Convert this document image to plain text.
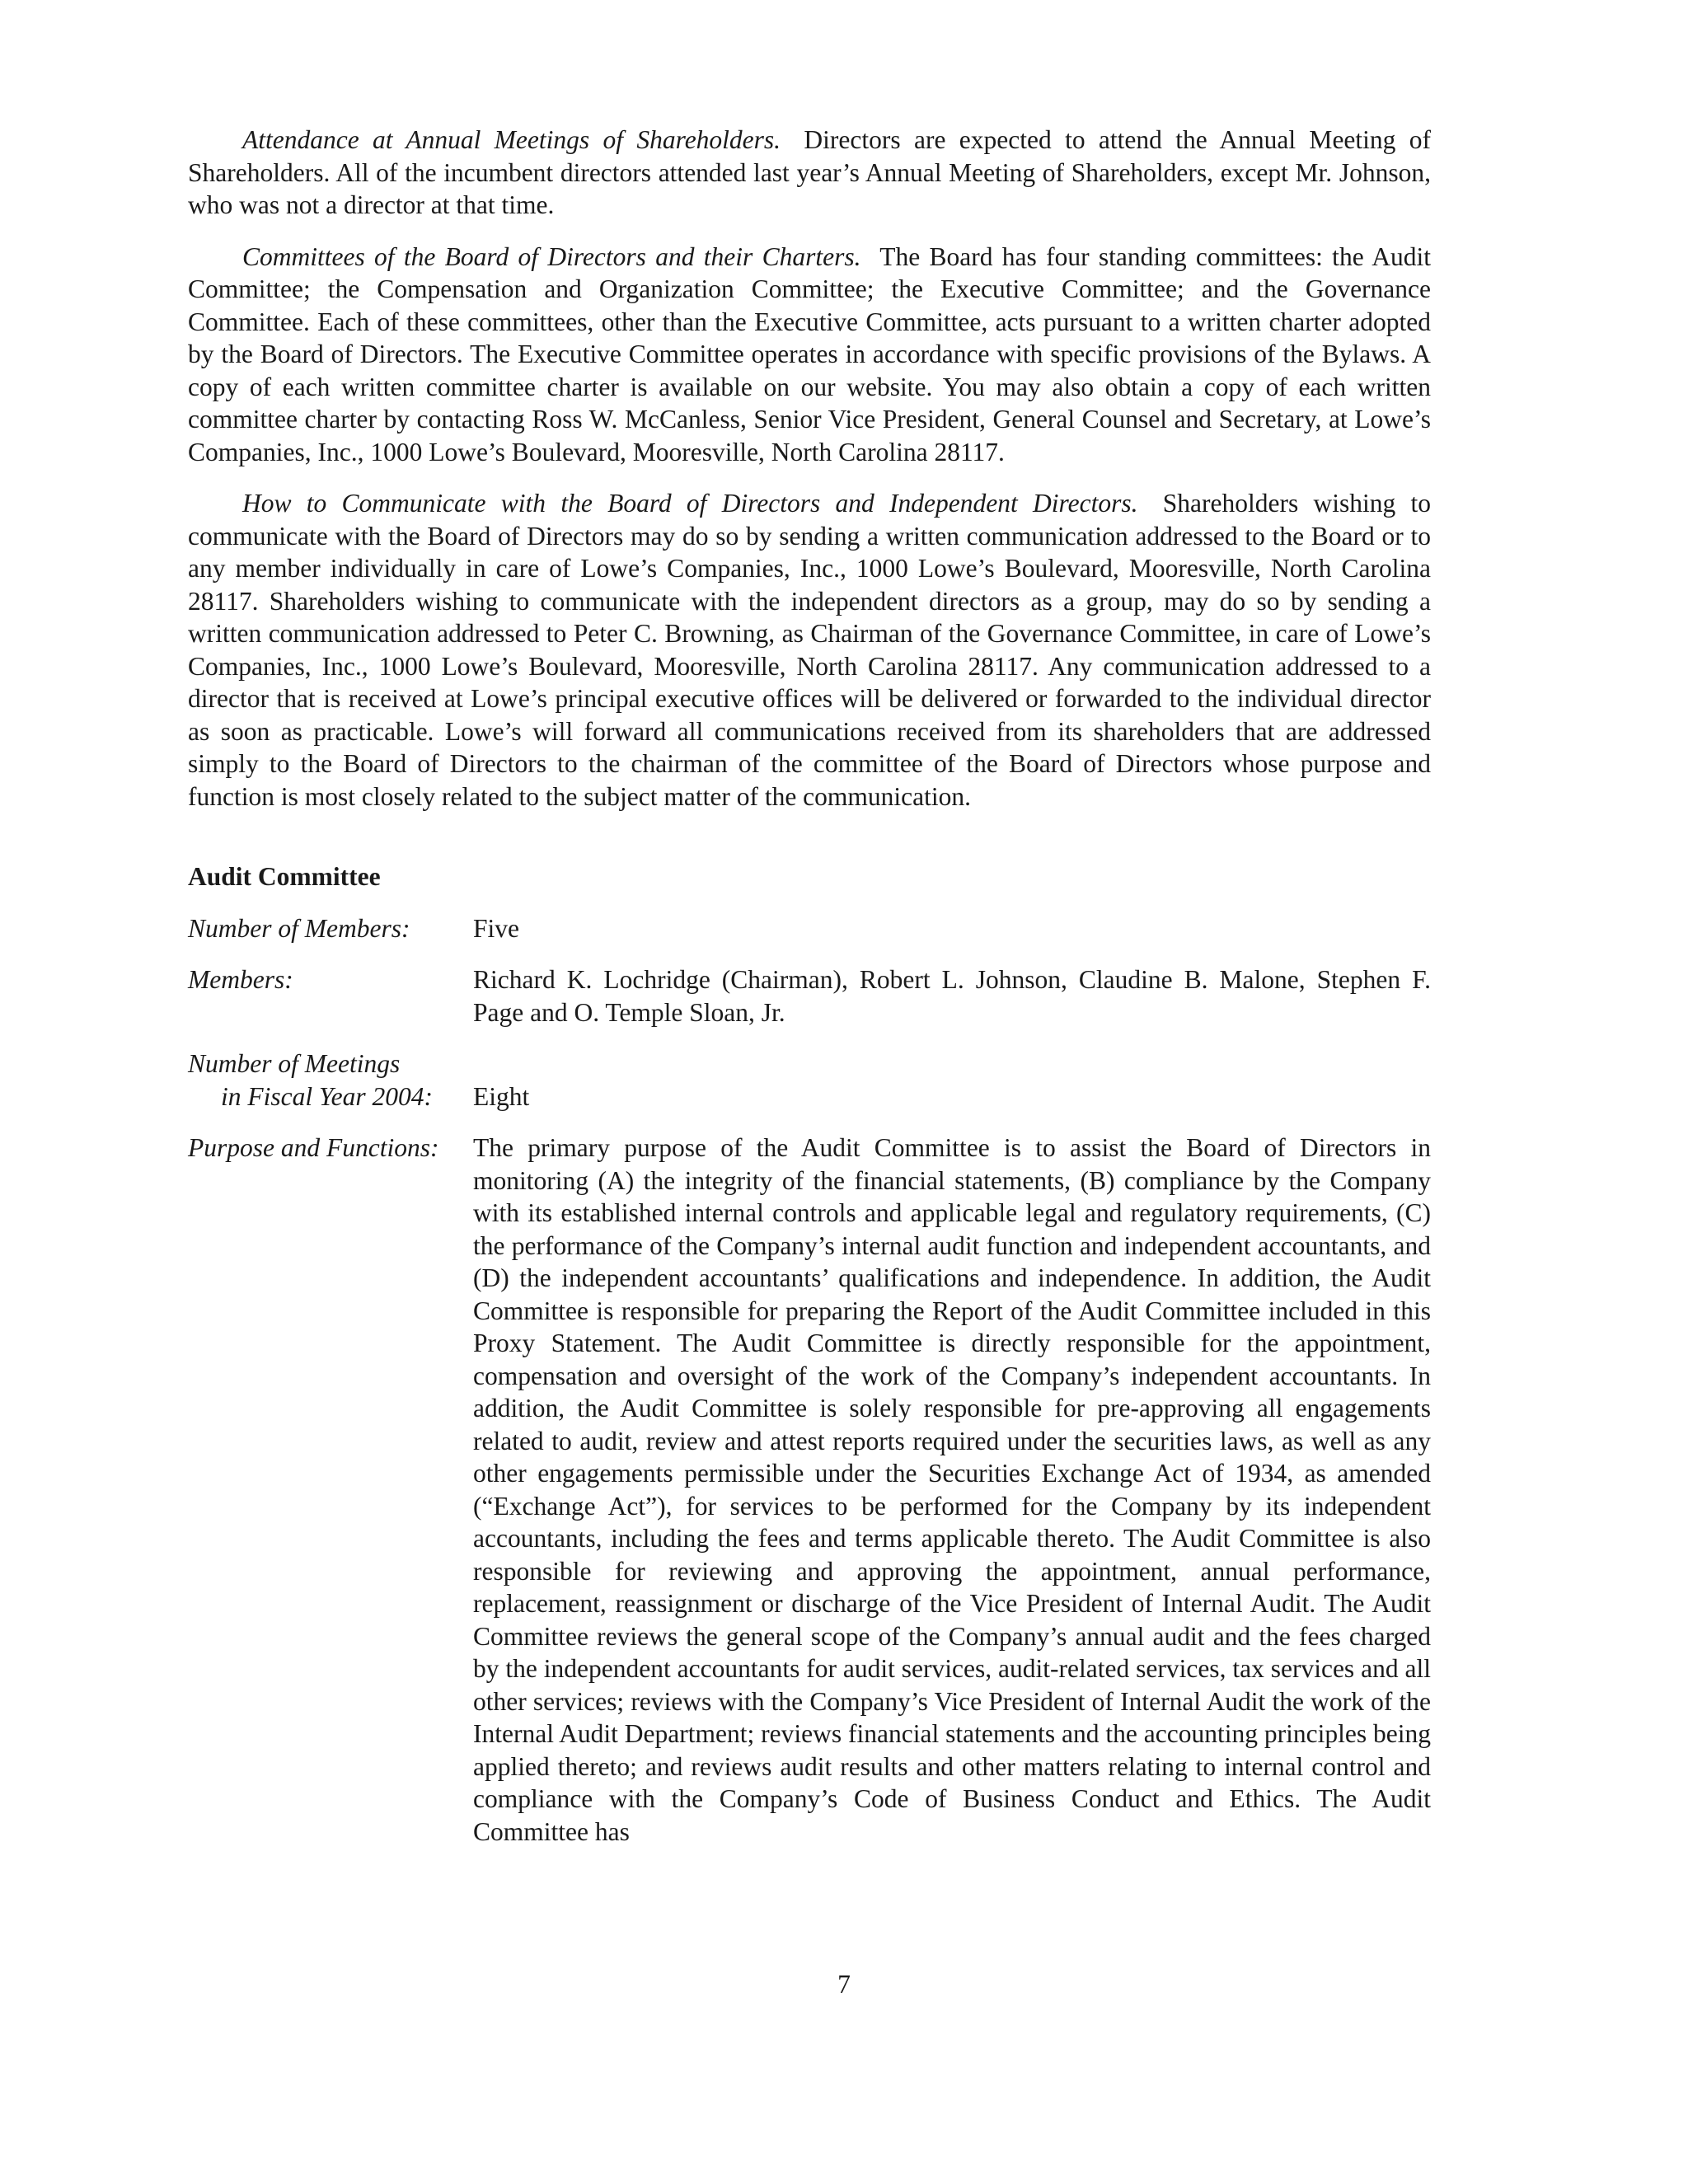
Attendance at Annual Meetings of Shareholders. Directors are expected to attend the Annual Meeting of Shareholders. All of the incumbent directors attended last year’s Annual Meeting of Shareholders, except Mr. Johnson, who was not a director at that time.

Committees of the Board of Directors and their Charters. The Board has four standing committees: the Audit Committee; the Compensation and Organization Committee; the Executive Committee; and the Governance Committee. Each of these committees, other than the Executive Committee, acts pursuant to a written charter adopted by the Board of Directors. The Executive Committee operates in accordance with specific provisions of the Bylaws. A copy of each written committee charter is available on our website. You may also obtain a copy of each written committee charter by contacting Ross W. McCanless, Senior Vice President, General Counsel and Secretary, at Lowe’s Companies, Inc., 1000 Lowe’s Boulevard, Mooresville, North Carolina 28117.

How to Communicate with the Board of Directors and Independent Directors. Shareholders wishing to communicate with the Board of Directors may do so by sending a written communication addressed to the Board or to any member individually in care of Lowe’s Companies, Inc., 1000 Lowe’s Boulevard, Mooresville, North Carolina 28117. Shareholders wishing to communicate with the independent directors as a group, may do so by sending a written communication addressed to Peter C. Browning, as Chairman of the Governance Committee, in care of Lowe’s Companies, Inc., 1000 Lowe’s Boulevard, Mooresville, North Carolina 28117. Any communication addressed to a director that is received at Lowe’s principal executive offices will be delivered or forwarded to the individual director as soon as practicable. Lowe’s will forward all communications received from its shareholders that are addressed simply to the Board of Directors to the chairman of the committee of the Board of Directors whose purpose and function is most closely related to the subject matter of the communication.

Audit Committee
Number of Members:	Five
Members:	Richard K. Lochridge (Chairman), Robert L. Johnson, Claudine B. Malone, Stephen F. Page and O. Temple Sloan, Jr.
Number of Meetings
in Fiscal Year 2004:	Eight
Purpose and Functions:	The primary purpose of the Audit Committee is to assist the Board of Directors in monitoring (A) the integrity of the financial statements, (B) compliance by the Company with its established internal controls and applicable legal and regulatory requirements, (C) the performance of the Company’s internal audit function and independent accountants, and (D) the independent accountants’ qualifications and independence. In addition, the Audit Committee is responsible for preparing the Report of the Audit Committee included in this Proxy Statement. The Audit Committee is directly responsible for the appointment, compensation and oversight of the work of the Company’s independent accountants. In addition, the Audit Committee is solely responsible for pre-approving all engagements related to audit, review and attest reports required under the securities laws, as well as any other engagements permissible under the Securities Exchange Act of 1934, as amended (“Exchange Act”), for services to be performed for the Company by its independent accountants, including the fees and terms applicable thereto. The Audit Committee is also responsible for reviewing and approving the appointment, annual performance, replacement, reassignment or discharge of the Vice President of Internal Audit. The Audit Committee reviews the general scope of the Company’s annual audit and the fees charged by the independent accountants for audit services, audit-related services, tax services and all other services; reviews with the Company’s Vice President of Internal Audit the work of the Internal Audit Department; reviews financial statements and the accounting principles being applied thereto; and reviews audit results and other matters relating to internal control and compliance with the Company’s Code of Business Conduct and Ethics. The Audit Committee has
7
